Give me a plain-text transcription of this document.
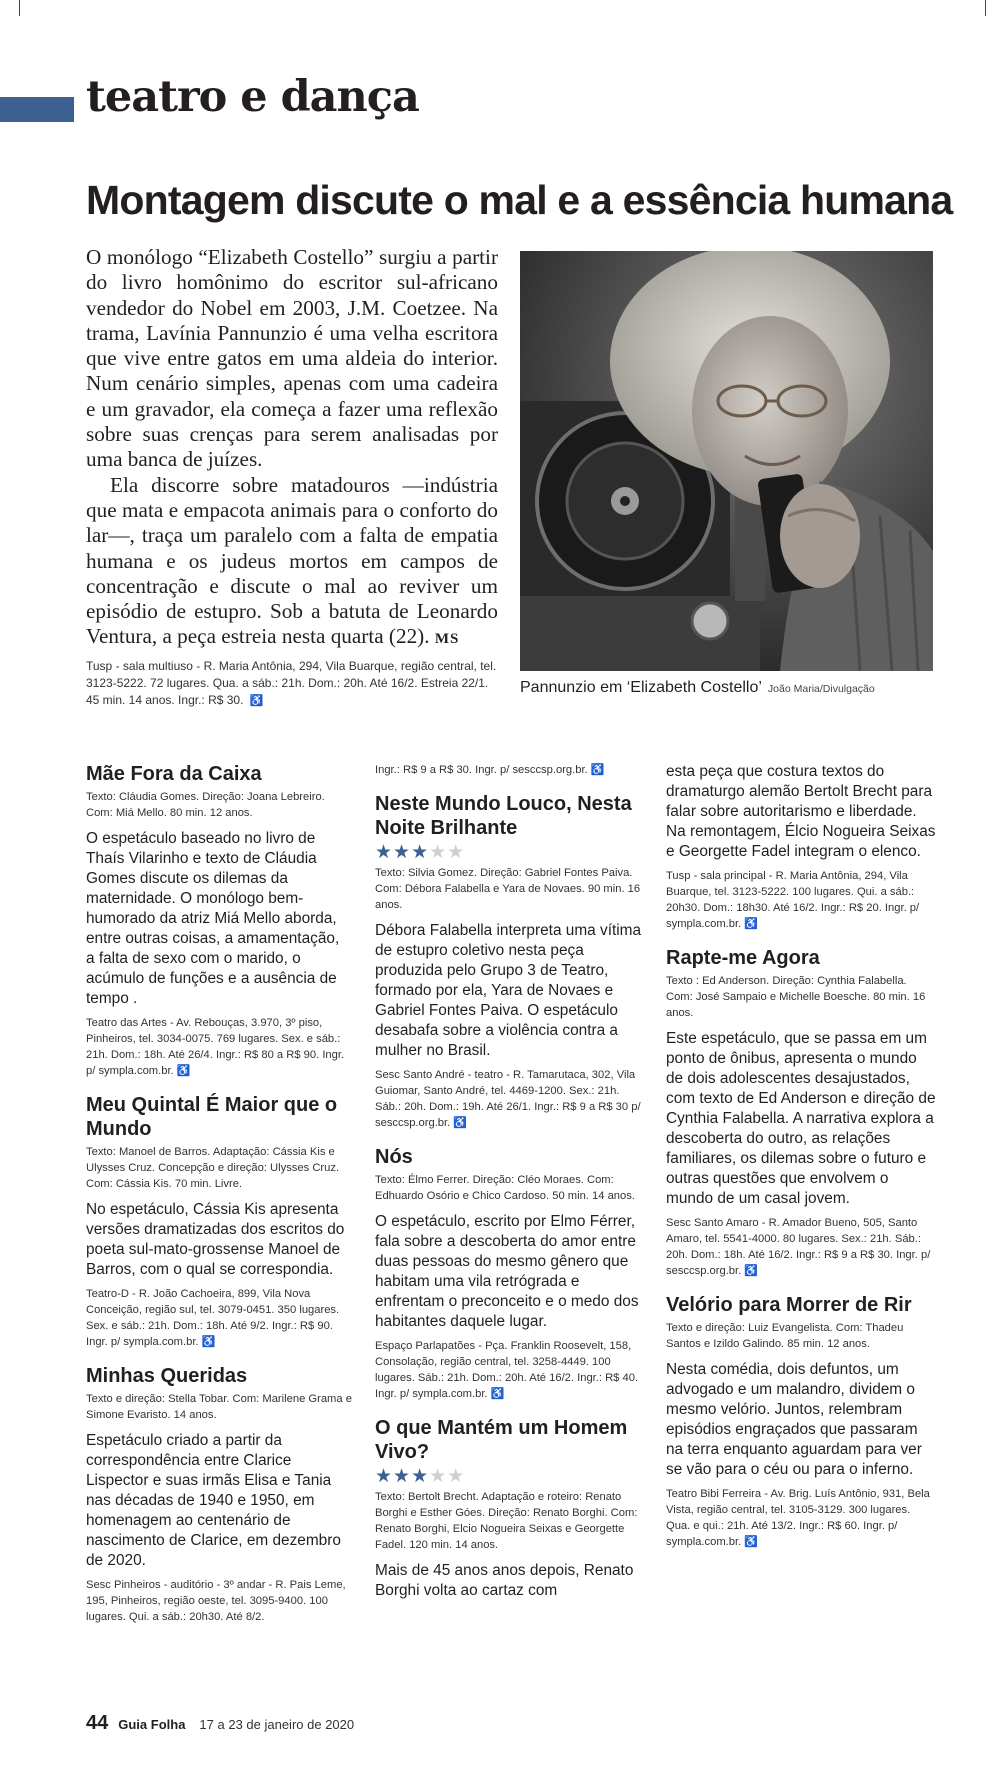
teatro e dança
Montagem discute o mal e a essência humana

O monólogo “Elizabeth Costello” surgiu a partir do livro homônimo do escritor sul-africano vendedor do Nobel em 2003, J.M. Coetzee. Na trama, Lavínia Pannunzio é uma velha escritora que vive entre gatos em uma aldeia do interior. Num cenário simples, apenas com uma cadeira e um gravador, ela começa a fazer uma reflexão sobre suas crenças para serem analisadas por uma banca de juízes.

Ela discorre sobre matadouros —indústria que mata e empacota animais para o conforto do lar—, traça um paralelo com a falta de empatia humana e os judeus mortos em campos de concentração e discute o mal ao reviver um episódio de estupro. Sob a batuta de Leonardo Ventura, a peça estreia nesta quarta (22). MS

Tusp - sala multiuso - R. Maria Antônia, 294, Vila Buarque, região central, tel. 3123-5222. 72 lugares. Qua. a sáb.: 21h. Dom.: 20h. Até 16/2. Estreia 22/1. 45 min. 14 anos. Ingr.: R$ 30. ♿
Pannunzio em ‘Elizabeth Costello’ João Maria/Divulgação
Mãe Fora da Caixa

Texto: Cláudia Gomes. Direção: Joana Lebreiro. Com: Miá Mello. 80 min. 12 anos.

O espetáculo baseado no livro de Thaís Vilarinho e texto de Cláudia Gomes discute os dilemas da maternidade. O monólogo bem-humorado da atriz Miá Mello aborda, entre outras coisas, a amamentação, a falta de sexo com o marido, o acúmulo de funções e a ausência de tempo .

Teatro das Artes - Av. Rebouças, 3.970, 3º piso, Pinheiros, tel. 3034-0075. 769 lugares. Sex. e sáb.: 21h. Dom.: 18h. Até 26/4. Ingr.: R$ 80 a R$ 90. Ingr. p/ sympla.com.br. ♿

Meu Quintal É Maior que o Mundo

Texto: Manoel de Barros. Adaptação: Cássia Kis e Ulysses Cruz. Concepção e direção: Ulysses Cruz. Com: Cássia Kis. 70 min. Livre.

No espetáculo, Cássia Kis apresenta versões dramatizadas dos escritos do poeta sul-mato-grossense Manoel de Barros, com o qual se correspondia.

Teatro-D - R. João Cachoeira, 899, Vila Nova Conceição, região sul, tel. 3079-0451. 350 lugares. Sex. e sáb.: 21h. Dom.: 18h. Até 9/2. Ingr.: R$ 90. Ingr. p/ sympla.com.br. ♿

Minhas Queridas

Texto e direção: Stella Tobar. Com: Marilene Grama e Simone Evaristo. 14 anos.

Espetáculo criado a partir da correspondência entre Clarice Lispector e suas irmãs Elisa e Tania nas décadas de 1940 e 1950, em homenagem ao centenário de nascimento de Clarice, em dezembro de 2020.

Sesc Pinheiros - auditório - 3º andar - R. Pais Leme, 195, Pinheiros, região oeste, tel. 3095-9400. 100 lugares. Qui. a sáb.: 20h30. Até 8/2.

Ingr.: R$ 9 a R$ 30. Ingr. p/ sesccsp.org.br. ♿

Neste Mundo Louco, Nesta Noite Brilhante
★★★★★

Texto: Silvia Gomez. Direção: Gabriel Fontes Paiva. Com: Débora Falabella e Yara de Novaes. 90 min. 16 anos.

Débora Falabella interpreta uma vítima de estupro coletivo nesta peça produzida pelo Grupo 3 de Teatro, formado por ela, Yara de Novaes e Gabriel Fontes Paiva. O espetáculo desabafa sobre a violência contra a mulher no Brasil.

Sesc Santo André - teatro - R. Tamarutaca, 302, Vila Guiomar, Santo André, tel. 4469-1200. Sex.: 21h. Sáb.: 20h. Dom.: 19h. Até 26/1. Ingr.: R$ 9 a R$ 30 p/ sesccsp.org.br. ♿

Nós

Texto: Élmo Ferrer. Direção: Cléo Moraes. Com: Edhuardo Osório e Chico Cardoso. 50 min. 14 anos.

O espetáculo, escrito por Elmo Férrer, fala sobre a descoberta do amor entre duas pessoas do mesmo gênero que habitam uma vila retrógrada e enfrentam o preconceito e o medo dos habitantes daquele lugar.

Espaço Parlapatões - Pça. Franklin Roosevelt, 158, Consolação, região central, tel. 3258-4449. 100 lugares. Sáb.: 21h. Dom.: 20h. Até 16/2. Ingr.: R$ 40. Ingr. p/ sympla.com.br. ♿

O que Mantém um Homem Vivo?
★★★★★

Texto: Bertolt Brecht. Adaptação e roteiro: Renato Borghi e Esther Góes. Direção: Renato Borghi. Com: Renato Borghi, Elcio Nogueira Seixas e Georgette Fadel. 120 min. 14 anos.

Mais de 45 anos anos depois, Renato Borghi volta ao cartaz com

esta peça que costura textos do dramaturgo alemão Bertolt Brecht para falar sobre autoritarismo e liberdade. Na remontagem, Élcio Nogueira Seixas e Georgette Fadel integram o elenco.

Tusp - sala principal - R. Maria Antônia, 294, Vila Buarque, tel. 3123-5222. 100 lugares. Qui. a sáb.: 20h30. Dom.: 18h30. Até 16/2. Ingr.: R$ 20. Ingr. p/ sympla.com.br. ♿

Rapte-me Agora

Texto : Ed Anderson. Direção: Cynthia Falabella. Com: José Sampaio e Michelle Boesche. 80 min. 16 anos.

Este espetáculo, que se passa em um ponto de ônibus, apresenta o mundo de dois adolescentes desajustados, com texto de Ed Anderson e direção de Cynthia Falabella. A narrativa explora a descoberta do outro, as relações familiares, os dilemas sobre o futuro e outras questões que envolvem o mundo de um casal jovem.

Sesc Santo Amaro - R. Amador Bueno, 505, Santo Amaro, tel. 5541-4000. 80 lugares. Sex.: 21h. Sáb.: 20h. Dom.: 18h. Até 16/2. Ingr.: R$ 9 a R$ 30. Ingr. p/ sesccsp.org.br. ♿

Velório para Morrer de Rir

Texto e direção: Luiz Evangelista. Com: Thadeu Santos e Izildo Galindo. 85 min. 12 anos.

Nesta comédia, dois defuntos, um advogado e um malandro, dividem o mesmo velório. Juntos, relembram episódios engraçados que passaram na terra enquanto aguardam para ver se vão para o céu ou para o inferno.

Teatro Bibi Ferreira - Av. Brig. Luís Antônio, 931, Bela Vista, região central, tel. 3105-3129. 300 lugares. Qua. e qui.: 21h. Até 13/2. Ingr.: R$ 60. Ingr. p/ sympla.com.br. ♿

44 Guia Folha 17 a 23 de janeiro de 2020
